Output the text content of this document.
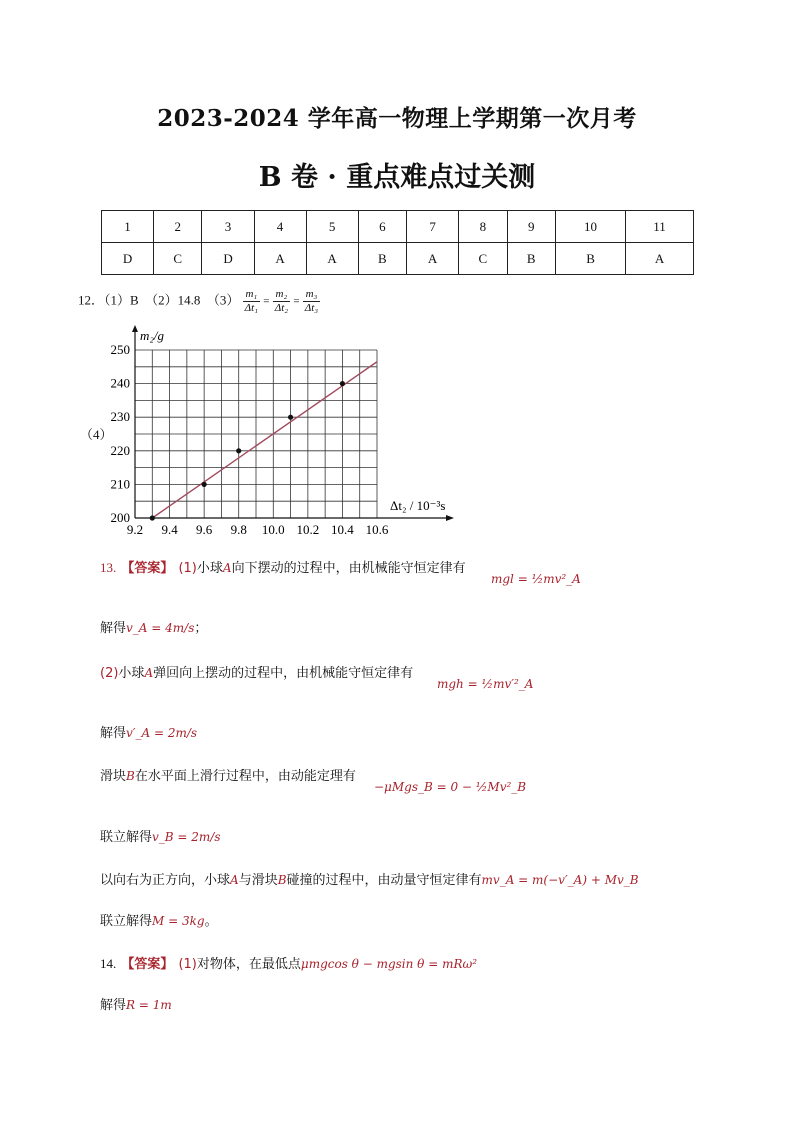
2023-2024 学年高一物理上学期第一次月考
B 卷 · 重点难点过关测
1	2	3	4	5	6	7	8	9	10	11
D	C	D	A	A	B	A	C	B	B	A
12．（1）B　（2）14.8　$(3) \frac{\text{m₁}}{\text{Δt₁}} = \frac{\text{m₂}}{\text{Δt₂}} = \frac{\text{m₃}}{\text{Δt₃}}$
（4）
9.2 9.4 9.6 9.8 10.0 10.2 10.4 10.6
200
210
220
230
240
250
m₂/g
Δt₂ / 10⁻³s
13. 【答案】 (1)小球A向下摆动的过程中，由机械能守恒定律有
mgl = ½mv²_A
解得v_A = 4m/s；
(2)小球A弹回向上摆动的过程中，由机械能守恒定律有
mgh = ½mv′²_A
解得v′_A = 2m/s
滑块B在水平面上滑行过程中，由动能定理有
−μMgs_B = 0 − ½Mv²_B
联立解得v_B = 2m/s
以向右为正方向，小球A与滑块B碰撞的过程中，由动量守恒定律有mv_A = m(−v′_A) + Mv_B
联立解得M = 3kg。
14. 【答案】 (1)对物体，在最低点μmgcos θ − mgsin θ = mRω²
解得R = 1m
